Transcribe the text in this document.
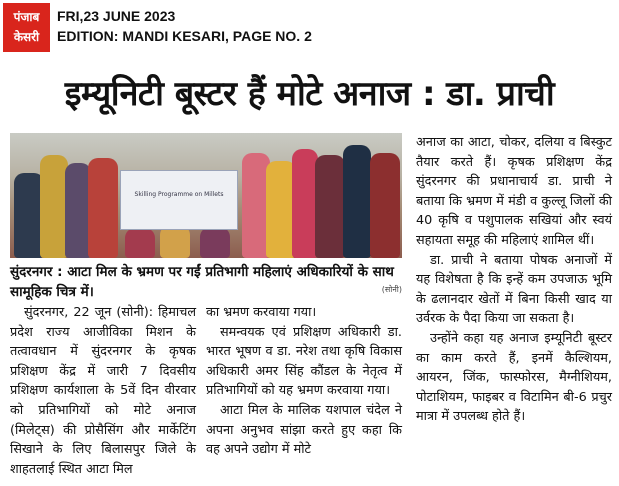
पंजाब
केसरी
FRI,23 JUNE 2023
EDITION: MANDI KESARI, PAGE NO. 2
इम्यूनिटी बूस्टर हैं मोटे अनाज : डा. प्राची
Skilling Programme on Millets
सुंदरनगर : आटा मिल के भ्रमण पर गईं प्रतिभागी महिलाएं अधिकारियों के साथ सामूहिक चित्र में।	(सोनी)

सुंदरनगर, 22 जून (सोनी): हिमाचल प्रदेश राज्य आजीविका मिशन के तत्वावधान में सुंदरनगर के कृषक प्रशिक्षण केंद्र में जारी 7 दिवसीय प्रशिक्षण कार्यशाला के 5वें दिन वीरवार को प्रतिभागियों को मोटे अनाज (मिलेट्स) की प्रोसैसिंग और मार्केटिंग सिखाने के लिए बिलासपुर जिले के शाहतलाई स्थित आटा मिल

का भ्रमण करवाया गया।

समन्वयक एवं प्रशिक्षण अधिकारी डा. भारत भूषण व डा. नरेश तथा कृषि विकास अधिकारी अमर सिंह कौंडल के नेतृत्व में प्रतिभागियों को यह भ्रमण करवाया गया।

आटा मिल के मालिक यशपाल चंदेल ने अपना अनुभव सांझा करते हुए कहा कि वह अपने उद्योग में मोटे

अनाज का आटा, चोकर, दलिया व बिस्कुट तैयार करते हैं। कृषक प्रशिक्षण केंद्र सुंदरनगर की प्रधानाचार्य डा. प्राची ने बताया कि भ्रमण में मंडी व कुल्लू जिलों की 40 कृषि व पशुपालक सखियां और स्वयं सहायता समूह की महिलाएं शामिल थीं।

डा. प्राची ने बताया पोषक अनाजों में यह विशेषता है कि इन्हें कम उपजाऊ भूमि के ढलानदार खेतों में बिना किसी खाद या उर्वरक के पैदा किया जा सकता है।

उन्होंने कहा यह अनाज इम्यूनिटी बूस्टर का काम करते हैं, इनमें कैल्शियम, आयरन, जिंक, फास्फोरस, मैग्नीशियम, पोटाशियम, फाइबर व विटामिन बी-6 प्रचुर मात्रा में उपलब्ध होते हैं।
